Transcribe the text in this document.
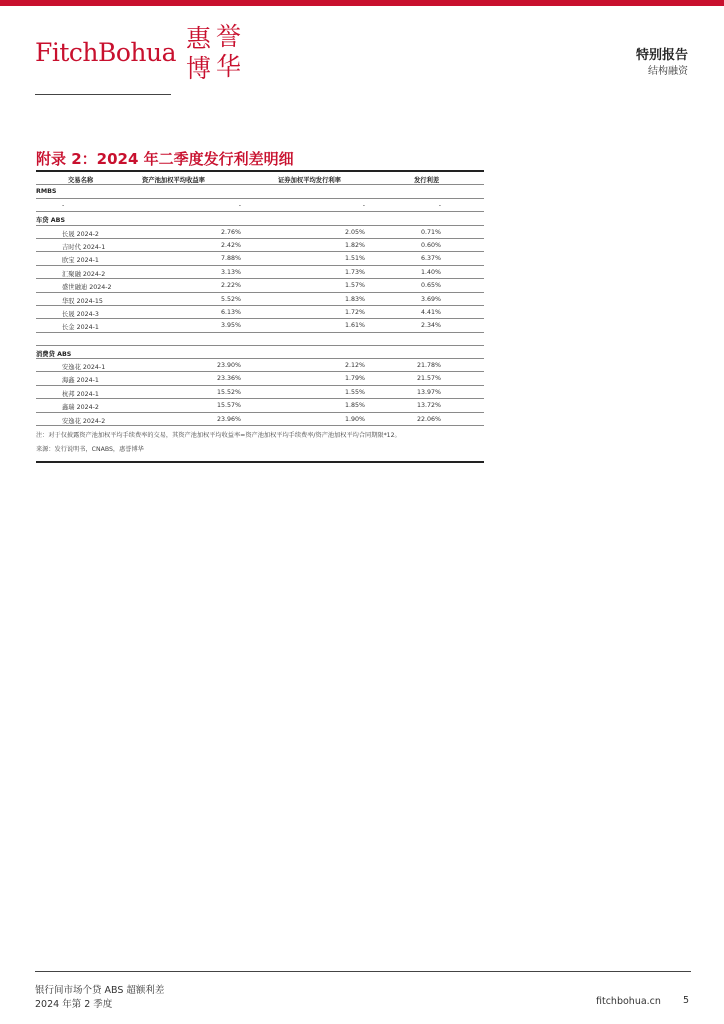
FitchBohua 惠 誉
博 华	特别报告
结构融资
附录 2：2024 年二季度发行利差明细
交易名称	资产池加权平均收益率	证券加权平均发行利率	发行利差
RMBS
-	-	-	-
车贷 ABS
长晟 2024-2	2.76%	2.05%	0.71%
吉时代 2024-1	2.42%	1.82%	0.60%
欧宝 2024-1	7.88%	1.51%	6.37%
汇聚融 2024-2	3.13%	1.73%	1.40%
盛世融迪 2024-2	2.22%	1.57%	0.65%
华驭 2024-15	5.52%	1.83%	3.69%
长晟 2024-3	6.13%	1.72%	4.41%
长金 2024-1	3.95%	1.61%	2.34%
消费贷 ABS
安逸花 2024-1	23.90%	2.12%	21.78%
海鑫 2024-1	23.36%	1.79%	21.57%
杭邦 2024-1	15.52%	1.55%	13.97%
鑫瑞 2024-2	15.57%	1.85%	13.72%
安逸花 2024-2	23.96%	1.90%	22.06%
注：对于仅披露资产池加权平均手续费率的交易，其资产池加权平均收益率=资产池加权平均手续费率/资产池加权平均合同期限*12。
来源：发行说明书，CNABS，惠誉博华
银行间市场个贷 ABS 超额利差
2024 年第 2 季度	fitchbohua.cn 5
